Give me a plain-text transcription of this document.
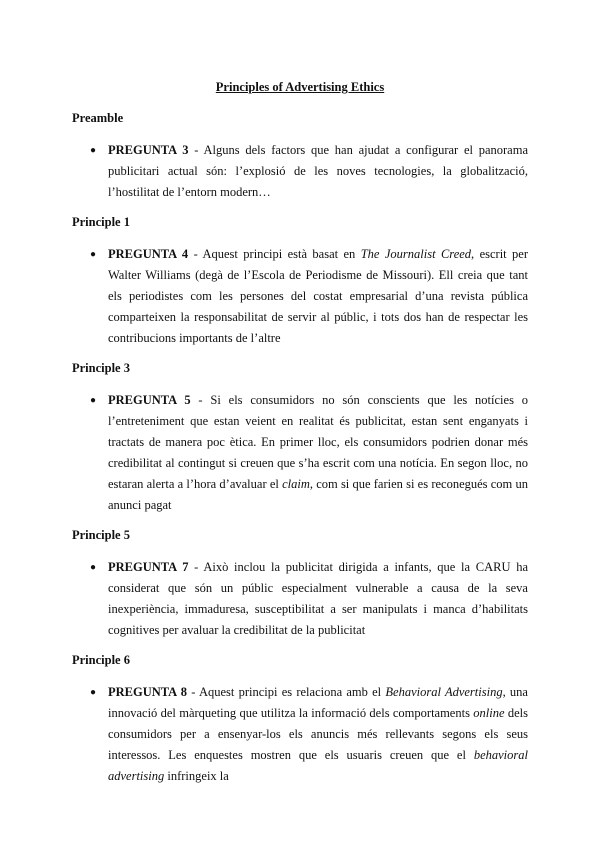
Principles of Advertising Ethics

Preamble

● PREGUNTA 3 - Alguns dels factors que han ajudat a configurar el panorama publicitari actual són: l’explosió de les noves tecnologies, la globalització, l’hostilitat de l’entorn modern…

Principle 1

● PREGUNTA 4 - Aquest principi està basat en The Journalist Creed, escrit per Walter Williams (degà de l’Escola de Periodisme de Missouri). Ell creia que tant els periodistes com les persones del costat empresarial d’una revista pública comparteixen la responsabilitat de servir al públic, i tots dos han de respectar les contribucions importants de l’altre

Principle 3

● PREGUNTA 5 - Si els consumidors no són conscients que les notícies o l’entreteniment que estan veient en realitat és publicitat, estan sent enganyats i tractats de manera poc ètica. En primer lloc, els consumidors podrien donar més credibilitat al contingut si creuen que s’ha escrit com una notícia. En segon lloc, no estaran alerta a l’hora d’avaluar el claim, com si que farien si es reconegués com un anunci pagat

Principle 5

● PREGUNTA 7 - Això inclou la publicitat dirigida a infants, que la CARU ha considerat que són un públic especialment vulnerable a causa de la seva inexperiència, immaduresa, susceptibilitat a ser manipulats i manca d’habilitats cognitives per avaluar la credibilitat de la publicitat

Principle 6

● PREGUNTA 8 - Aquest principi es relaciona amb el Behavioral Advertising, una innovació del màrqueting que utilitza la informació dels comportaments online dels consumidors per a ensenyar-los els anuncis més rellevants segons els seus interessos. Les enquestes mostren que els usuaris creuen que el behavioral advertising infringeix la
